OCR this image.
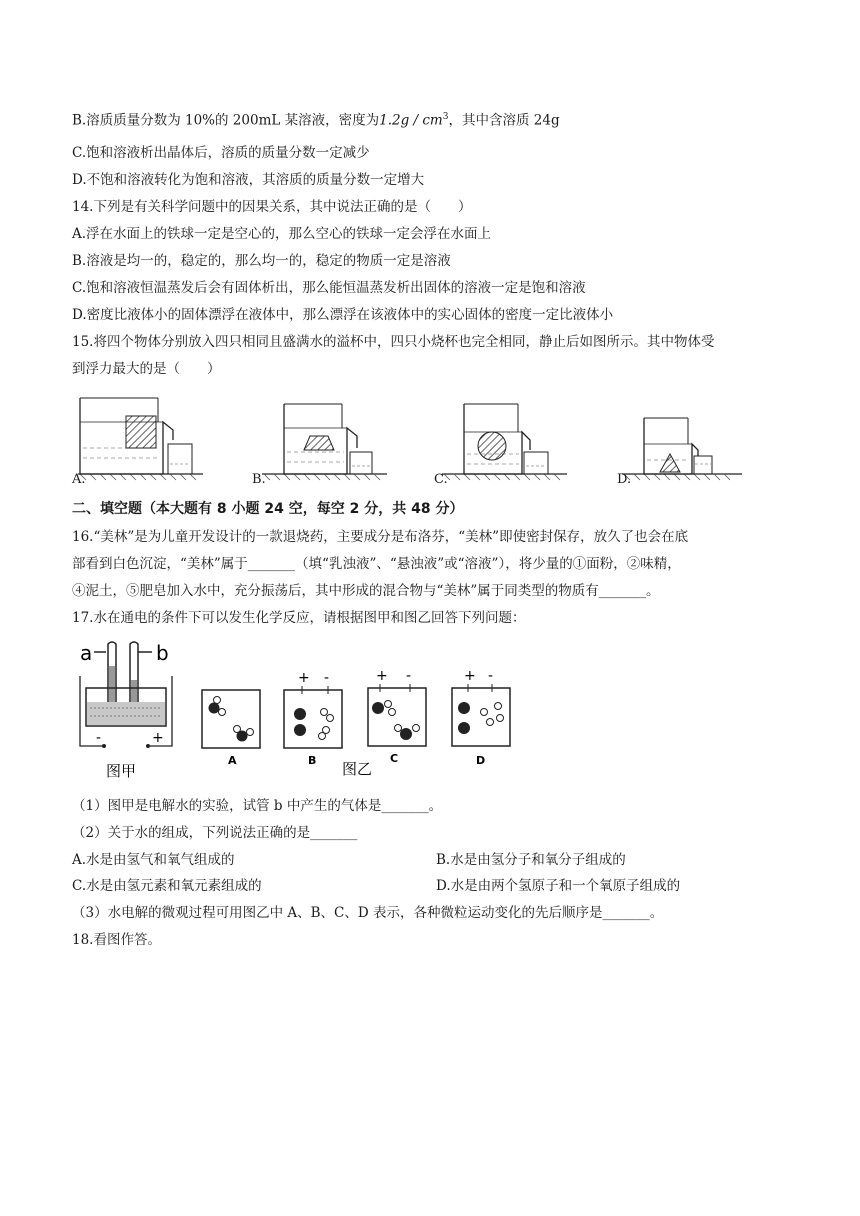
B.溶质质量分数为 10%的 200mL 某溶液，密度为$1.2g / cm^3$，其中含溶质 24g
C.饱和溶液析出晶体后，溶质的质量分数一定减少
D.不饱和溶液转化为饱和溶液，其溶质的质量分数一定增大
14.下列是有关科学问题中的因果关系，其中说法正确的是（　　）
A.浮在水面上的铁球一定是空心的，那么空心的铁球一定会浮在水面上
B.溶液是均一的，稳定的，那么均一的，稳定的物质一定是溶液
C.饱和溶液恒温蒸发后会有固体析出，那么能恒温蒸发析出固体的溶液一定是饱和溶液
D.密度比液体小的固体漂浮在液体中，那么漂浮在该液体中的实心固体的密度一定比液体小
15.将四个物体分别放入四只相同且盛满水的溢杯中，四只小烧杯也完全相同，静止后如图所示。其中物体受
到浮力最大的是（　　）
A.	B.	C.	D.
二、填空题（本大题有 8 小题 24 空，每空 2 分，共 48 分）
16.“美林”是为儿童开发设计的一款退烧药，主要成分是布洛芬，“美林”即使密封保存，放久了也会在底
部看到白色沉淀，“美林”属于_______（填“乳浊液”、“悬浊液”或“溶液”），将少量的①面粉，②味精，
④泥土，⑤肥皂加入水中，充分振荡后，其中形成的混合物与“美林”属于同类型的物质有_______。
17.水在通电的条件下可以发生化学反应，请根据图甲和图乙回答下列问题：
a	b
-	+
图甲
A
+ -
B 图乙
+ -
C
+ -
D
（1）图甲是电解水的实验，试管 b 中产生的气体是_______。
（2）关于水的组成，下列说法正确的是_______
A.水是由氢气和氧气组成的	B.水是由氢分子和氧分子组成的
C.水是由氢元素和氧元素组成的	D.水是由两个氢原子和一个氧原子组成的
（3）水电解的微观过程可用图乙中 A、B、C、D 表示，各种微粒运动变化的先后顺序是_______。
18.看图作答。
